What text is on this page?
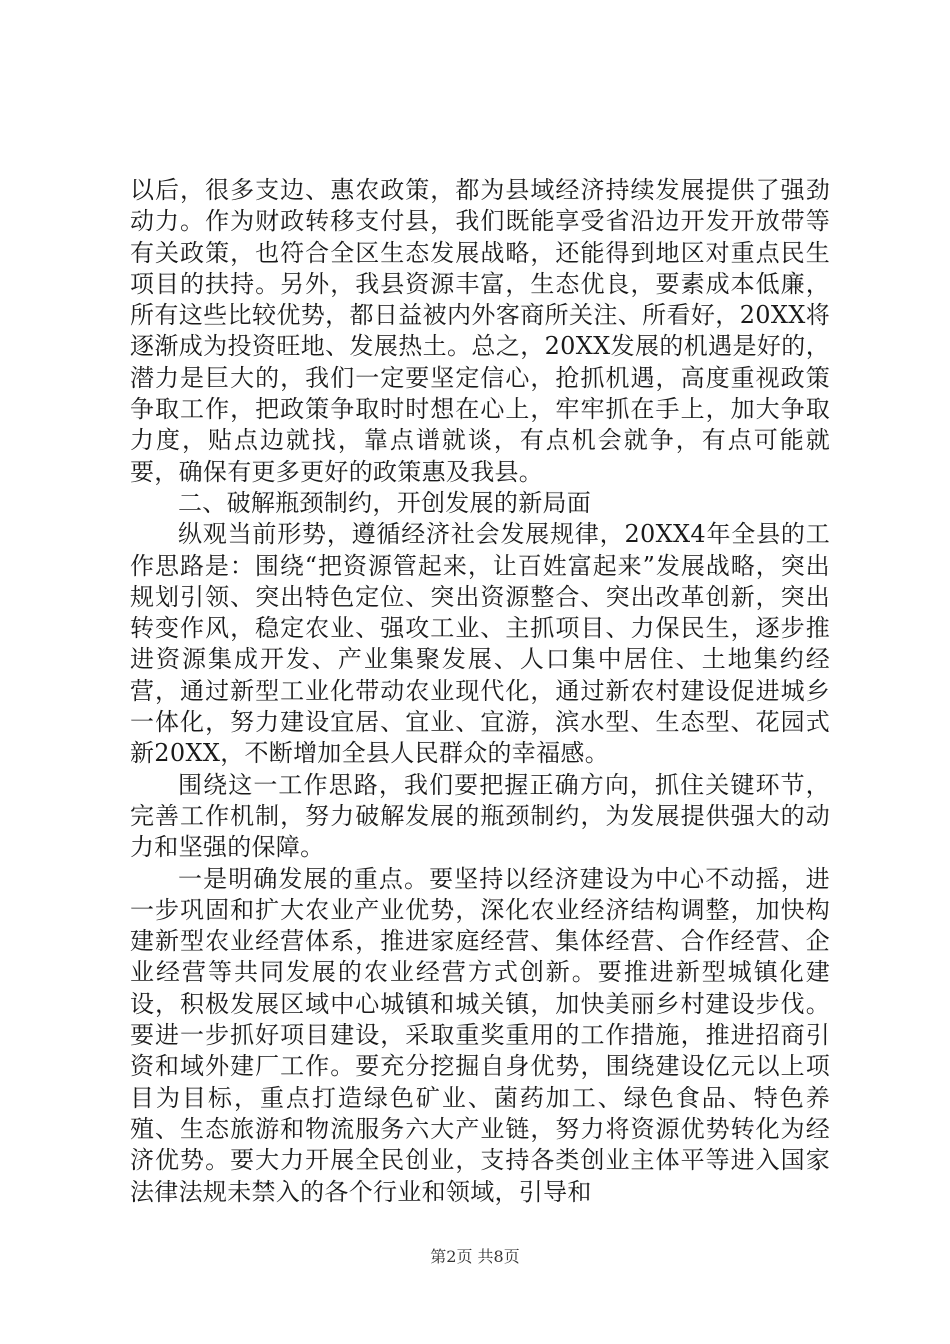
以后，很多支边、惠农政策，都为县域经济持续发展提供了强劲动力。作为财政转移支付县，我们既能享受省沿边开发开放带等有关政策，也符合全区生态发展战略，还能得到地区对重点民生项目的扶持。另外，我县资源丰富，生态优良，要素成本低廉，所有这些比较优势，都日益被内外客商所关注、所看好，20XX将逐渐成为投资旺地、发展热土。总之，20XX发展的机遇是好的，潜力是巨大的，我们一定要坚定信心，抢抓机遇，高度重视政策争取工作，把政策争取时时想在心上，牢牢抓在手上，加大争取力度，贴点边就找，靠点谱就谈，有点机会就争，有点可能就要，确保有更多更好的政策惠及我县。

二、破解瓶颈制约，开创发展的新局面

纵观当前形势，遵循经济社会发展规律，20XX4年全县的工作思路是：围绕“把资源管起来，让百姓富起来”发展战略，突出规划引领、突出特色定位、突出资源整合、突出改革创新，突出转变作风，稳定农业、强攻工业、主抓项目、力保民生，逐步推进资源集成开发、产业集聚发展、人口集中居住、土地集约经营，通过新型工业化带动农业现代化，通过新农村建设促进城乡一体化，努力建设宜居、宜业、宜游，滨水型、生态型、花园式新20XX，不断增加全县人民群众的幸福感。

围绕这一工作思路，我们要把握正确方向，抓住关键环节，完善工作机制，努力破解发展的瓶颈制约，为发展提供强大的动力和坚强的保障。

一是明确发展的重点。要坚持以经济建设为中心不动摇，进一步巩固和扩大农业产业优势，深化农业经济结构调整，加快构建新型农业经营体系，推进家庭经营、集体经营、合作经营、企业经营等共同发展的农业经营方式创新。要推进新型城镇化建设，积极发展区域中心城镇和城关镇，加快美丽乡村建设步伐。要进一步抓好项目建设，采取重奖重用的工作措施，推进招商引资和域外建厂工作。要充分挖掘自身优势，围绕建设亿元以上项目为目标，重点打造绿色矿业、菌药加工、绿色食品、特色养殖、生态旅游和物流服务六大产业链，努力将资源优势转化为经济优势。要大力开展全民创业，支持各类创业主体平等进入国家法律法规未禁入的各个行业和领域，引导和

第2页 共8页
